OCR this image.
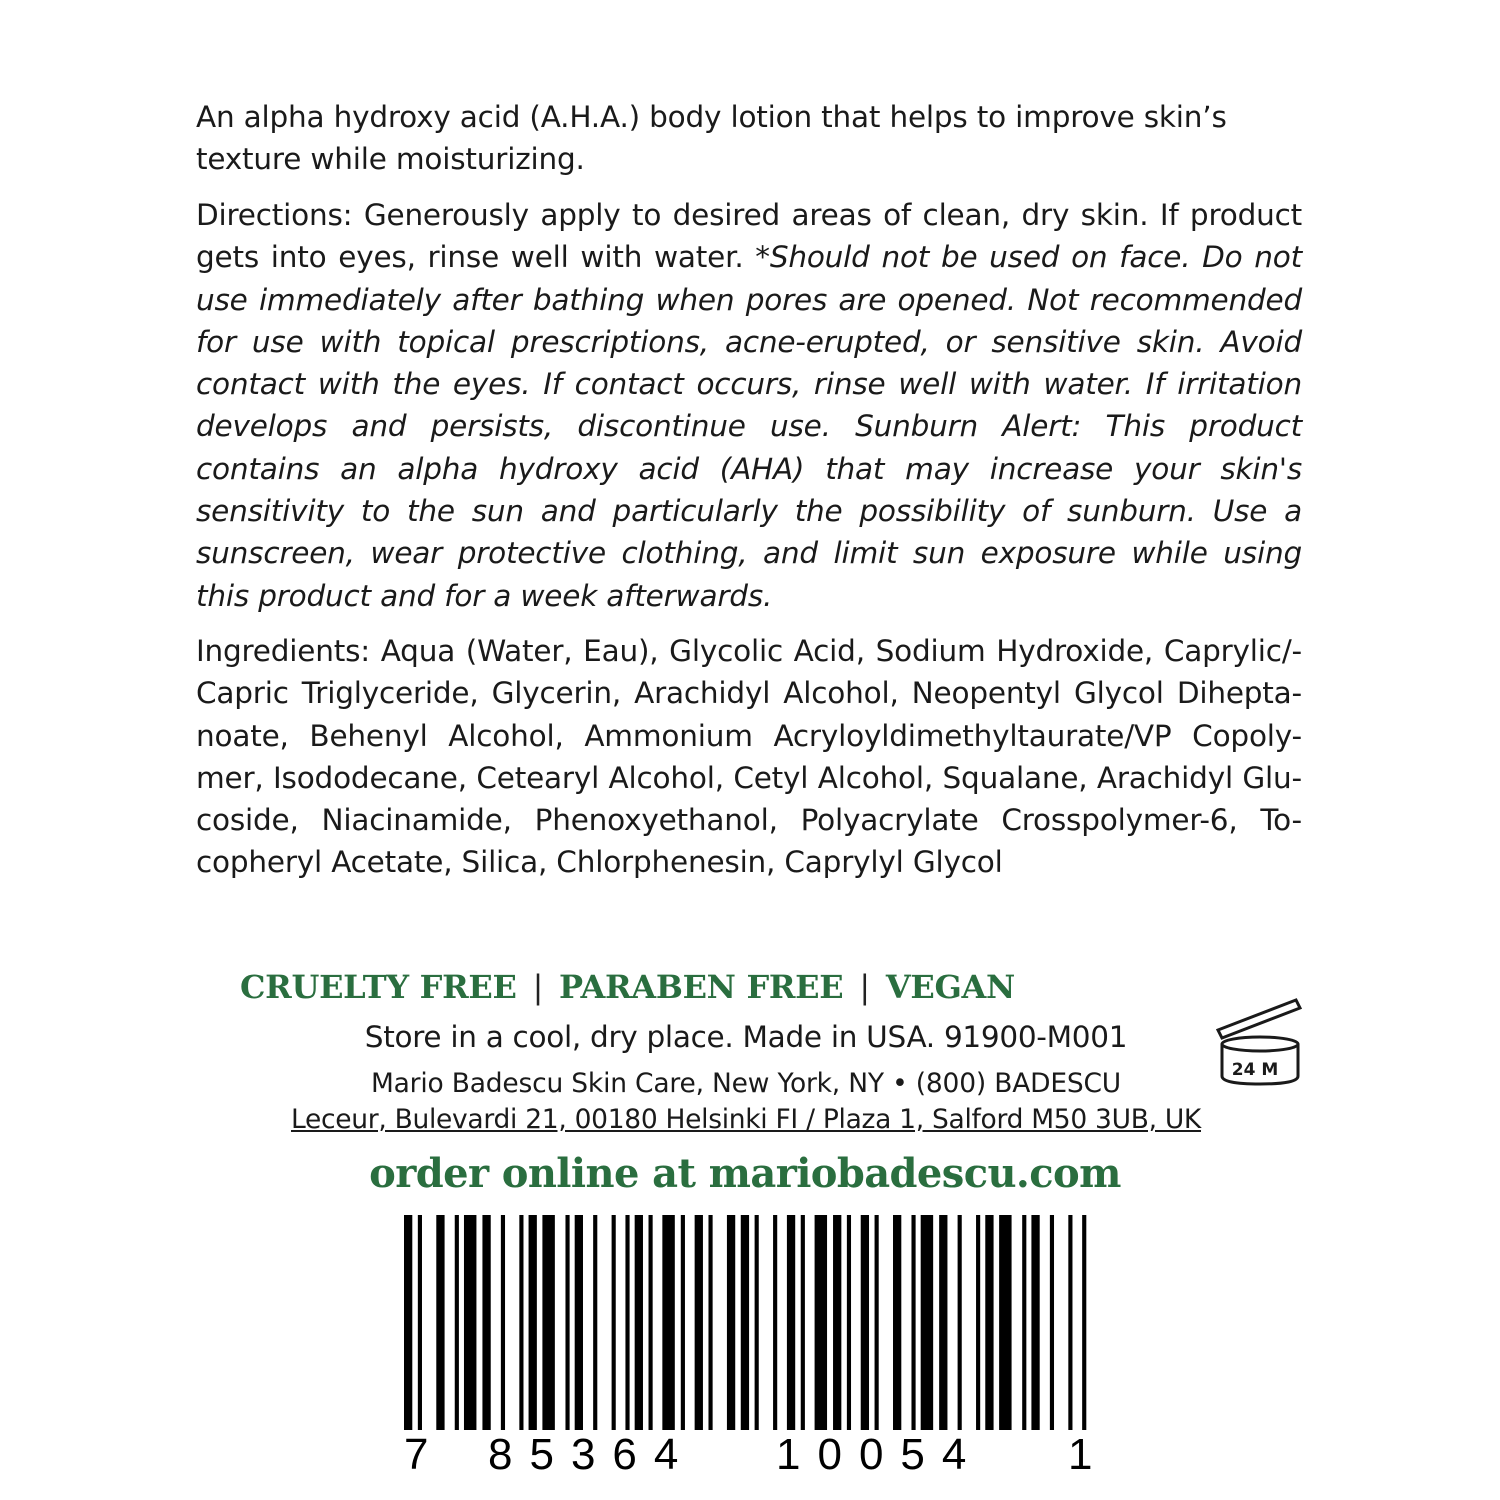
An alpha hydroxy acid (A.H.A.) body lotion that helps to improve skin’s texture while moisturizing.

Directions: Generously apply to desired areas of clean, dry skin. If product gets into eyes, rinse well with water. *Should not be used on face. Do not use immediately after bathing when pores are opened. Not recommended for use with topical prescriptions, acne-erupted, or sensitive skin. Avoid contact with the eyes. If contact occurs, rinse well with water. If irritation develops and persists, discontinue use. Sunburn Alert: This product contains an alpha hydroxy acid (AHA) that may increase your skin's sensitivity to the sun and particularly the possibility of sunburn. Use a sunscreen, wear protective clothing, and limit sun exposure while using this product and for a week afterwards.

Ingredients: Aqua (Water, Eau), Glycolic Acid, Sodium Hydroxide, Caprylic/-Capric Triglyceride, Glycerin, Arachidyl Alcohol, Neopentyl Glycol Dihepta-noate, Behenyl Alcohol, Ammonium Acryloyldimethyltaurate/VP Copoly-mer, Isododecane, Cetearyl Alcohol, Cetyl Alcohol, Squalane, Arachidyl Glu-coside, Niacinamide, Phenoxyethanol, Polyacrylate Crosspolymer-6, To-copheryl Acetate, Silica, Chlorphenesin, Caprylyl Glycol

CRUELTY FREE | PARABEN FREE | VEGAN
Store in a cool, dry place. Made in USA. 91900-M001
Mario Badescu Skin Care, New York, NY • (800) BADESCU
Leceur, Bulevardi 21, 00180 Helsinki FI / Plaza 1, Salford M50 3UB, UK
order online at mariobadescu.com
24 M
7 85364 10054 1
